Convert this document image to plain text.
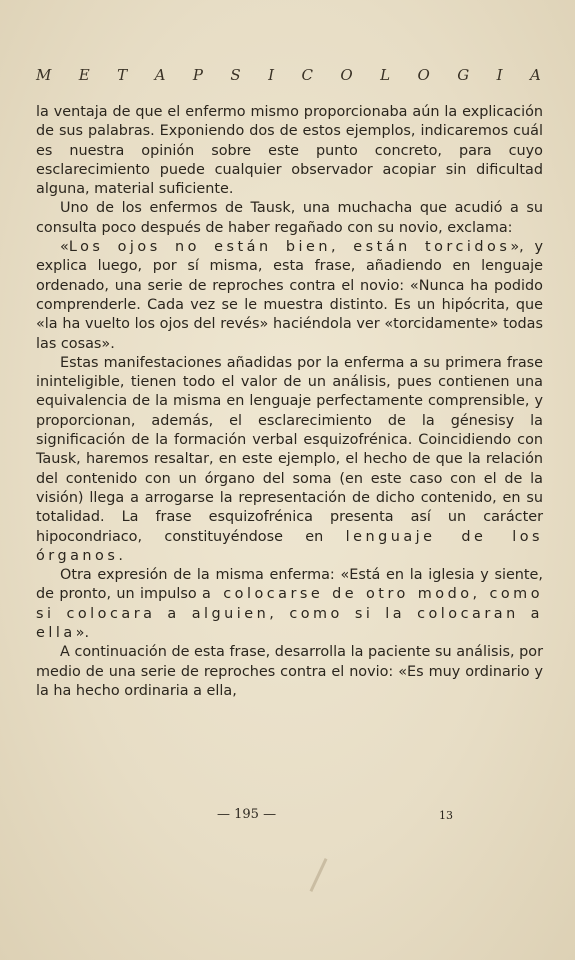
M E T A P S I C O L O G I A

la ventaja de que el enfermo mismo proporcionaba aún la explicación de sus palabras. Exponiendo dos de estos ejemplos, indicaremos cuál es nuestra opinión sobre este punto concreto, para cuyo esclarecimiento puede cualquier observador acopiar sin dificultad alguna, material suficiente.

Uno de los enfermos de Tausk, una muchacha que acudió a su consulta poco después de haber regañado con su novio, exclama:

«Los ojos no están bien, están torcidos», y explica luego, por sí misma, esta frase, añadiendo en lenguaje ordenado, una serie de reproches contra el novio: «Nunca ha podido comprenderle. Cada vez se le muestra distinto. Es un hipócrita, que «la ha vuelto los ojos del revés» haciéndola ver «torcidamente» todas las cosas».

Estas manifestaciones añadidas por la enferma a su primera frase ininteligible, tienen todo el valor de un análisis, pues contienen una equivalencia de la misma en lenguaje perfectamente comprensible, y proporcionan, además, el esclarecimiento de la génesisy la significación de la formación verbal esquizofrénica. Coincidiendo con Tausk, haremos resaltar, en este ejemplo, el hecho de que la relación del contenido con un órgano del soma (en este caso con el de la visión) llega a arrogarse la representación de dicho contenido, en su totalidad. La frase esquizofrénica presenta así un carácter hipocondriaco, constituyéndose en lenguaje de los órganos.

Otra expresión de la misma enferma: «Está en la iglesia y siente, de pronto, un impulso a colocarse de otro modo, como si colocara a alguien, como si la colocaran a ella».

A continuación de esta frase, desarrolla la paciente su análisis, por medio de una serie de reproches contra el novio: «Es muy ordinario y la ha hecho ordinaria a ella,

— 195 —	13
